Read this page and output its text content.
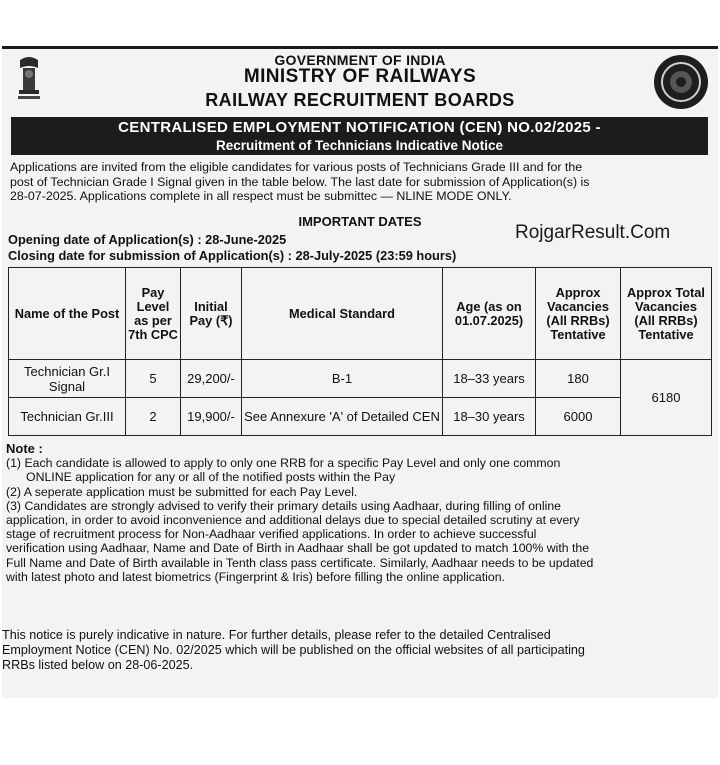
GOVERNMENT OF INDIA
MINISTRY OF RAILWAYS
RAILWAY RECRUITMENT BOARDS
CENTRALISED EMPLOYMENT NOTIFICATION (CEN) NO.02/2025 -
Recruitment of Technicians Indicative Notice
Applications are invited from the eligible candidates for various posts of Technicians Grade III and for the
post of Technician Grade I Signal given in the table below. The last date for submission of Application(s) is
28-07-2025. Applications complete in all respect must be submittec — NLINE MODE ONLY.
IMPORTANT DATES
Opening date of Application(s) : 28-June-2025
Closing date for submission of Application(s) : 28-July-2025 (23:59 hours)
RojgarResult.Com
Name of the Post	Pay Level as per 7th CPC	Initial Pay (₹)	Medical Standard	Age (as on 01.07.2025)	Approx Vacancies (All RRBs) Tentative	Approx Total Vacancies (All RRBs) Tentative
Technician Gr.I Signal	5	29,200/-	B-1	18–33 years	180	6180
Technician Gr.III	2	19,900/-	See Annexure 'A' of Detailed CEN	18–30 years	6000	
Note :
(1) Each candidate is allowed to apply to only one RRB for a specific Pay Level and only one common
ONLINE application for any or all of the notified posts within the Pay
(2) A seperate application must be submitted for each Pay Level.
(3) Candidates are strongly advised to verify their primary details using Aadhaar, during filling of online
application, in order to avoid inconvenience and additional delays due to special detailed scrutiny at every
stage of recruitment process for Non-Aadhaar verified applications. In order to achieve successful
verification using Aadhaar, Name and Date of Birth in Aadhaar shall be got updated to match 100% with the
Full Name and Date of Birth available in Tenth class pass certificate. Similarly, Aadhaar needs to be updated
with latest photo and latest biometrics (Fingerprint & Iris) before filling the online application.
This notice is purely indicative in nature. For further details, please refer to the detailed Centralised
Employment Notice (CEN) No. 02/2025 which will be published on the official websites of all participating
RRBs listed below on 28-06-2025.
